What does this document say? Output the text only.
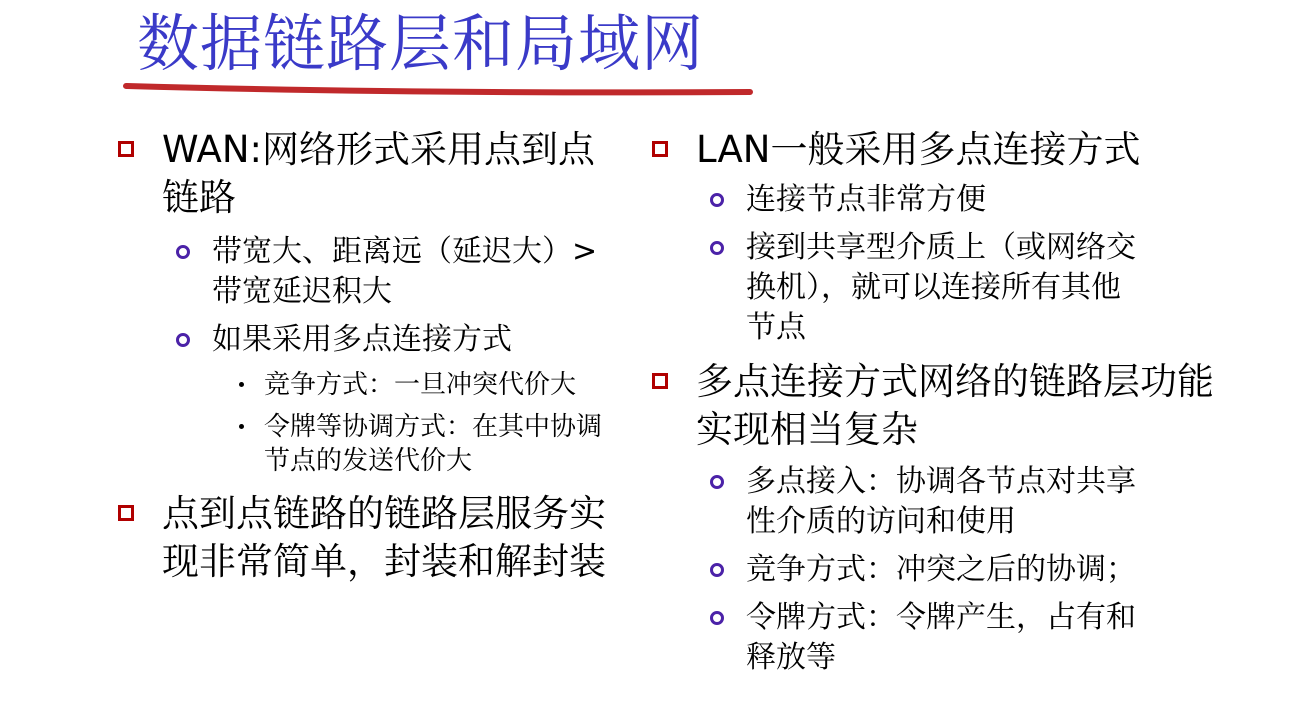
数据链路层和局域网
WAN:网络形式采用点到点链路
带宽大、距离远（延迟大）>带宽延迟积大
如果采用多点连接方式
竞争方式：一旦冲突代价大
令牌等协调方式：在其中协调节点的发送代价大
点到点链路的链路层服务实现非常简单，封装和解封装
LAN一般采用多点连接方式
连接节点非常方便
接到共享型介质上（或网络交换机），就可以连接所有其他节点
多点连接方式网络的链路层功能实现相当复杂
多点接入：协调各节点对共享性介质的访问和使用
竞争方式：冲突之后的协调；
令牌方式：令牌产生，占有和释放等
